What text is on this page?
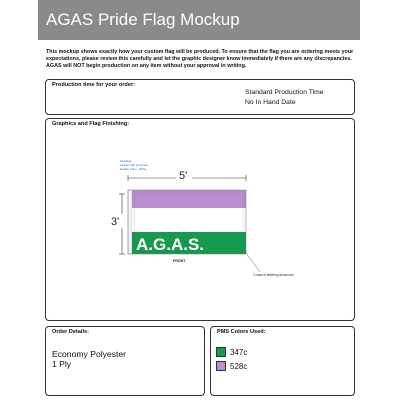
AGAS Pride Flag Mockup
This mockup shows exactly how your custom flag will be produced. To ensure that the flag you are ordering meets your expectations, please review this carefully and let the graphic designer know immediately if there are any discrepancies. AGAS will NOT begin production on any item without your approval in writing.
Production time for your order:
Standard Production Time
No In Hand Date
Graphics and Flag Finishing:
Finishing:
Header with grommets
Header Color - White
5'
3'
A.G.A.S.
FRONT
2 rows of stitching all around
Order Details:
Economy Polyester
1 Ply
PMS Colors Used:
347c
528c
